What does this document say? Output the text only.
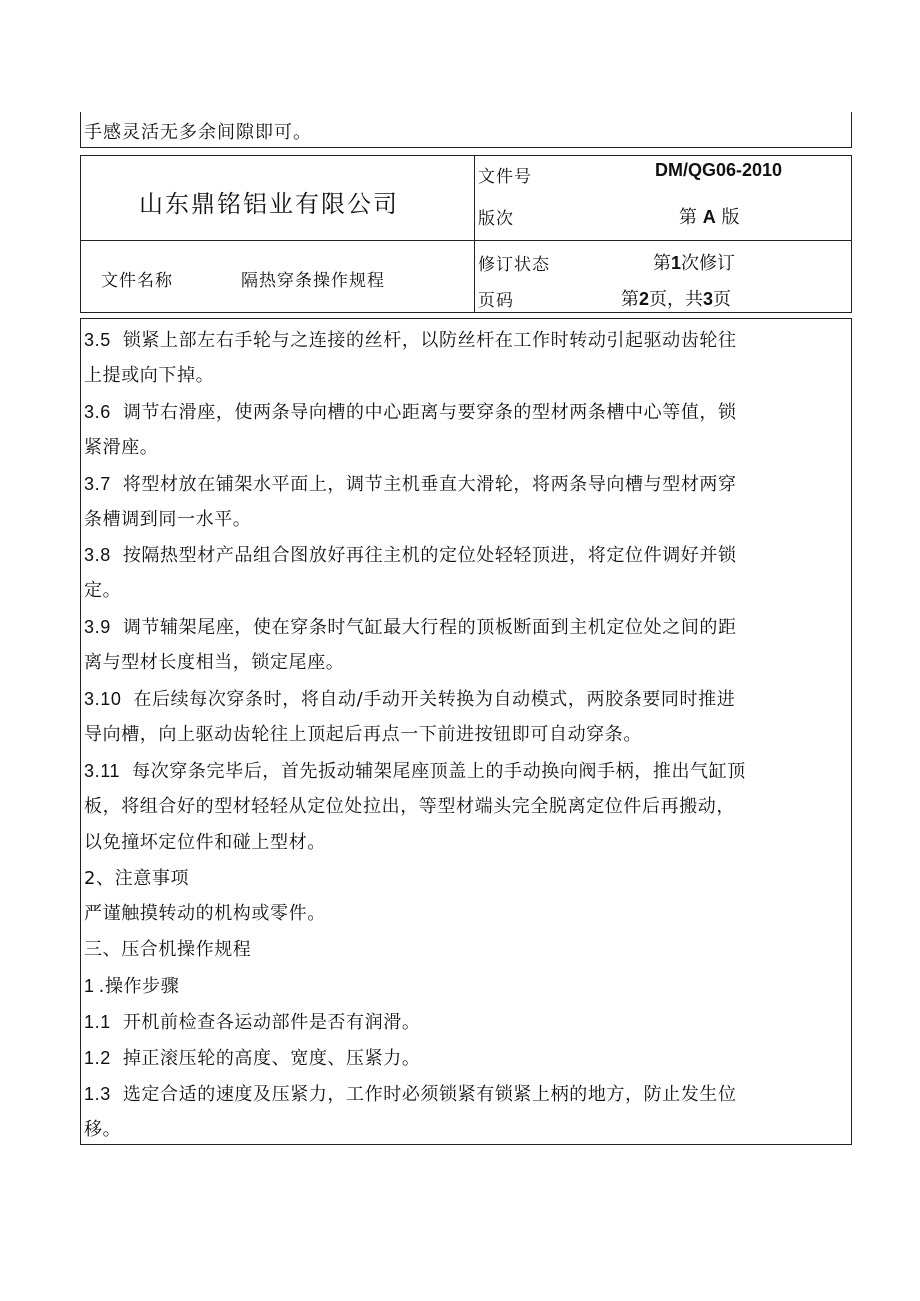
手感灵活无多余间隙即可。
山东鼎铭铝业有限公司
文件名称	隔热穿条操作规程
文件号	DM/QG06-2010
版次	第 A 版
修订状态	第1次修订
页码	第2页，共3页
3.5 锁紧上部左右手轮与之连接的丝杆，以防丝杆在工作时转动引起驱动齿轮往
上提或向下掉。
3.6 调节右滑座，使两条导向槽的中心距离与要穿条的型材两条槽中心等值，锁
紧滑座。
3.7 将型材放在铺架水平面上，调节主机垂直大滑轮，将两条导向槽与型材两穿
条槽调到同一水平。
3.8 按隔热型材产品组合图放好再往主机的定位处轻轻顶进，将定位件调好并锁
定。
3.9 调节辅架尾座，使在穿条时气缸最大行程的顶板断面到主机定位处之间的距
离与型材长度相当，锁定尾座。
3.10 在后续每次穿条时，将自动/手动开关转换为自动模式，两胶条要同时推进
导向槽，向上驱动齿轮往上顶起后再点一下前进按钮即可自动穿条。
3.11 每次穿条完毕后，首先扳动辅架尾座顶盖上的手动换向阀手柄，推出气缸顶
板，将组合好的型材轻轻从定位处拉出，等型材端头完全脱离定位件后再搬动，
以免撞坏定位件和碰上型材。
2、注意事项
严谨触摸转动的机构或零件。
三、压合机操作规程
1 .操作步骤
1.1 开机前检查各运动部件是否有润滑。
1.2 掉正滚压轮的高度、宽度、压紧力。
1.3 选定合适的速度及压紧力，工作时必须锁紧有锁紧上柄的地方，防止发生位
移。
